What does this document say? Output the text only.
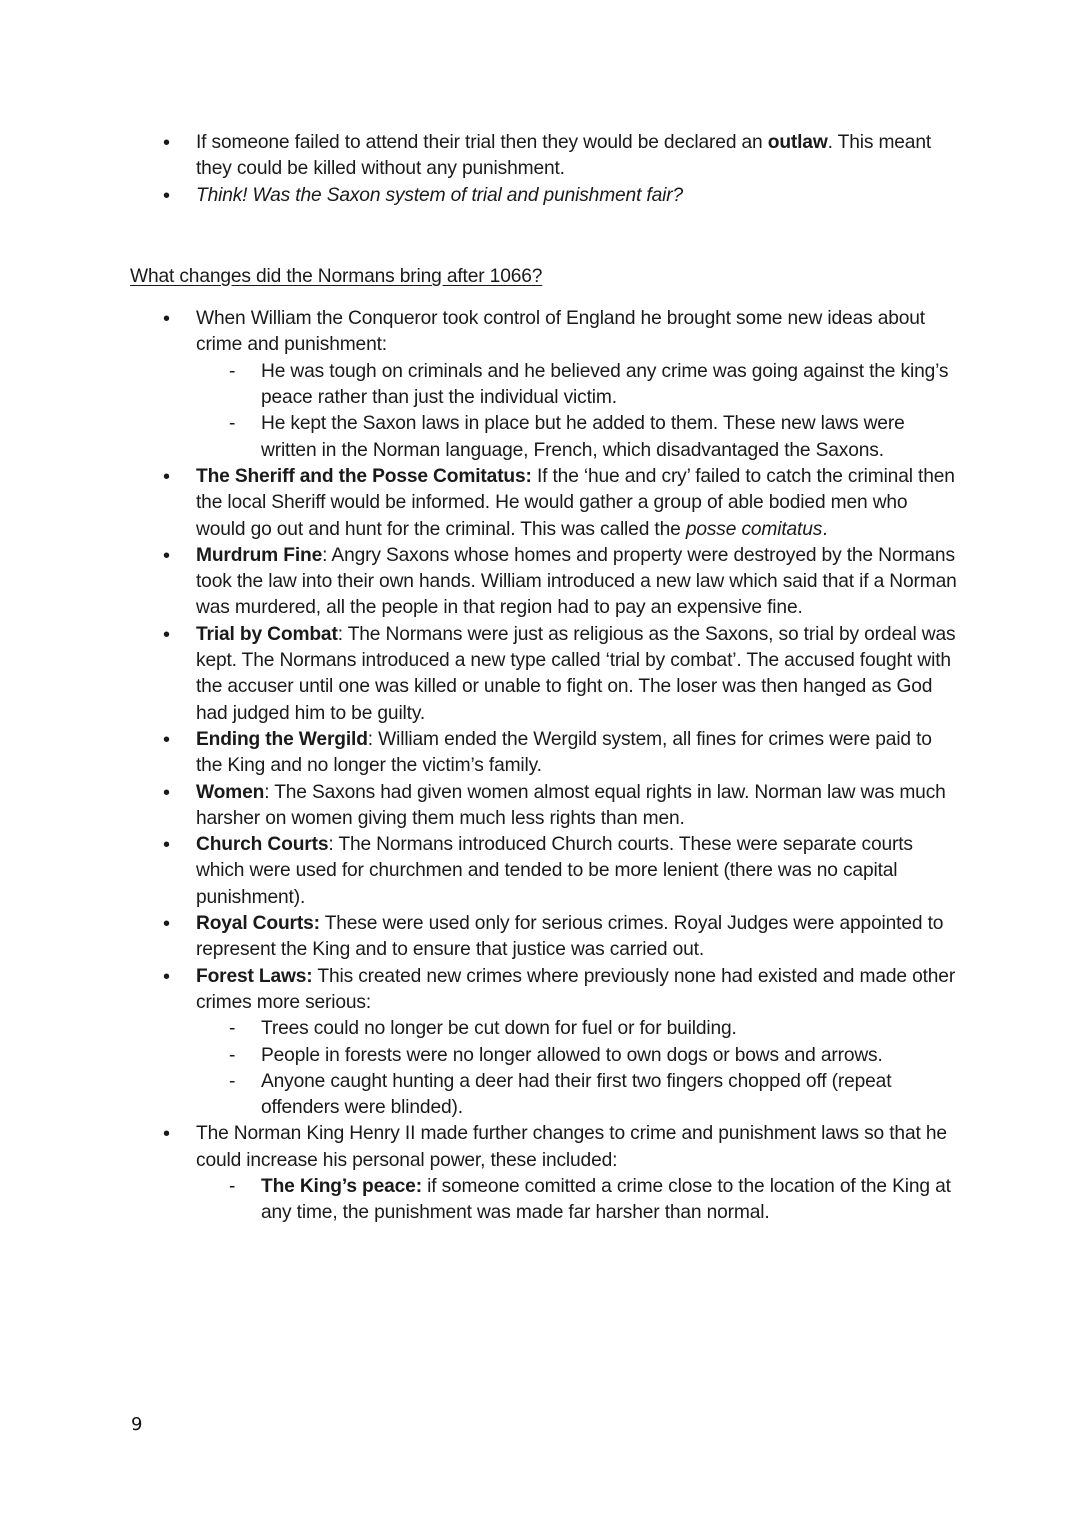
• If someone failed to attend their trial then they would be declared an outlaw. This meant they could be killed without any punishment.
• Think! Was the Saxon system of trial and punishment fair?
What changes did the Normans bring after 1066?
• When William the Conqueror took control of England he brought some new ideas about crime and punishment:
- He was tough on criminals and he believed any crime was going against the king’s peace rather than just the individual victim.
- He kept the Saxon laws in place but he added to them. These new laws were written in the Norman language, French, which disadvantaged the Saxons.
• The Sheriff and the Posse Comitatus: If the ‘hue and cry’ failed to catch the criminal then the local Sheriff would be informed. He would gather a group of able bodied men who would go out and hunt for the criminal. This was called the posse comitatus.
• Murdrum Fine: Angry Saxons whose homes and property were destroyed by the Normans took the law into their own hands. William introduced a new law which said that if a Norman was murdered, all the people in that region had to pay an expensive fine.
• Trial by Combat: The Normans were just as religious as the Saxons, so trial by ordeal was kept. The Normans introduced a new type called ‘trial by combat’. The accused fought with the accuser until one was killed or unable to fight on. The loser was then hanged as God had judged him to be guilty.
• Ending the Wergild: William ended the Wergild system, all fines for crimes were paid to the King and no longer the victim’s family.
• Women: The Saxons had given women almost equal rights in law. Norman law was much harsher on women giving them much less rights than men.
• Church Courts: The Normans introduced Church courts. These were separate courts which were used for churchmen and tended to be more lenient (there was no capital punishment).
• Royal Courts: These were used only for serious crimes. Royal Judges were appointed to represent the King and to ensure that justice was carried out.
• Forest Laws: This created new crimes where previously none had existed and made other crimes more serious:
- Trees could no longer be cut down for fuel or for building.
- People in forests were no longer allowed to own dogs or bows and arrows.
- Anyone caught hunting a deer had their first two fingers chopped off (repeat offenders were blinded).
• The Norman King Henry II made further changes to crime and punishment laws so that he could increase his personal power, these included:
- The King’s peace: if someone comitted a crime close to the location of the King at any time, the punishment was made far harsher than normal.
9
